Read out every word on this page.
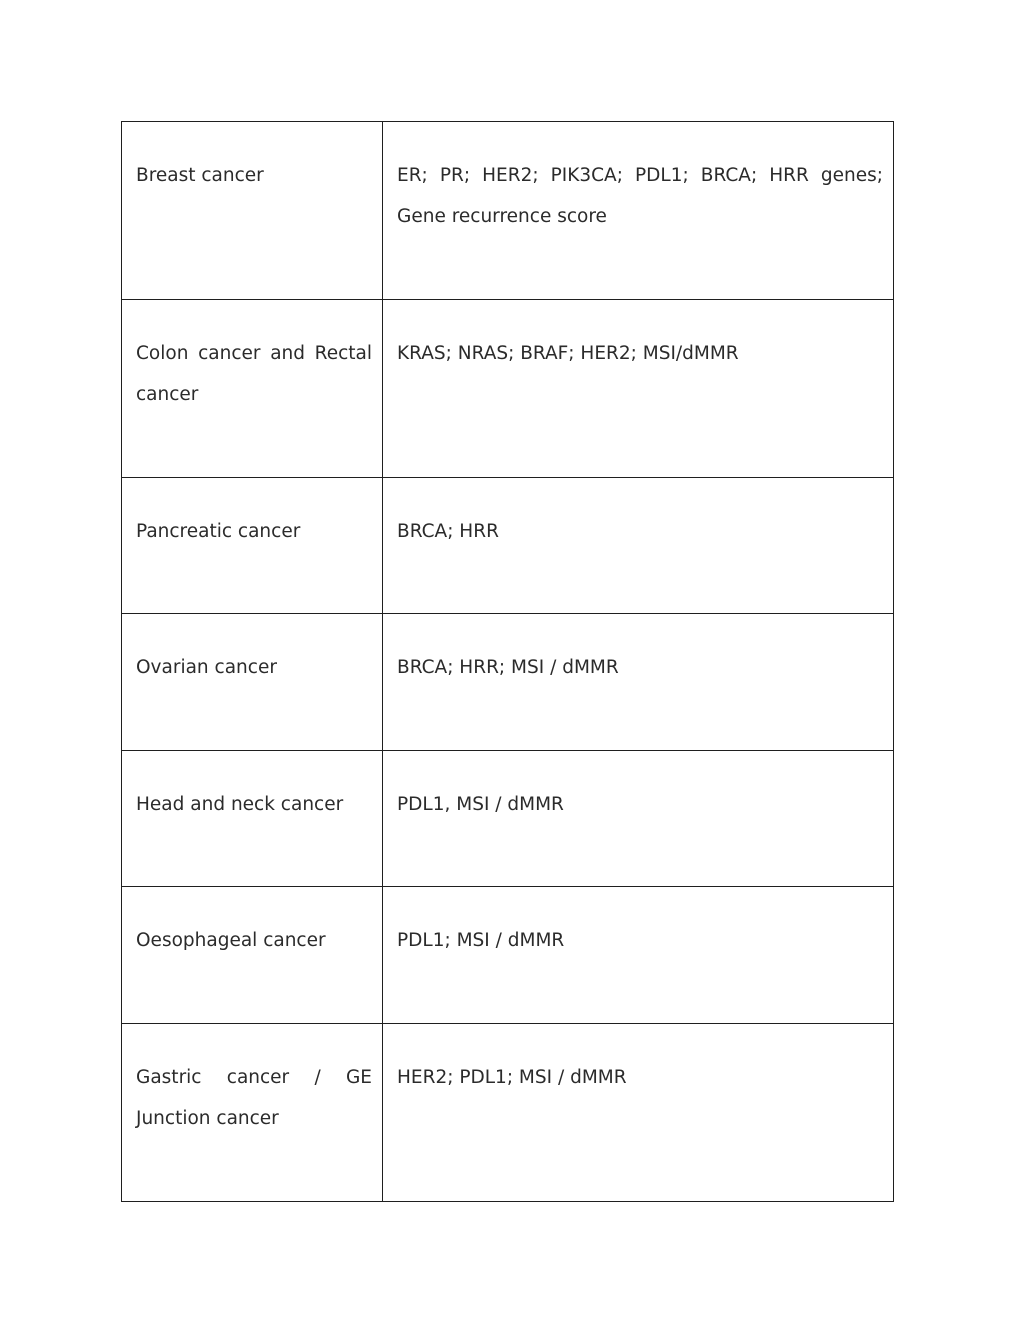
Breast cancer	ER; PR; HER2; PIK3CA; PDL1; BRCA; HRR genes; Gene recurrence score
Colon cancer and Rectal cancer	KRAS; NRAS; BRAF; HER2; MSI/dMMR
Pancreatic cancer	BRCA; HRR
Ovarian cancer	BRCA; HRR; MSI / dMMR
Head and neck cancer	PDL1, MSI / dMMR
Oesophageal cancer	PDL1; MSI / dMMR
Gastric cancer / GE Junction cancer	HER2; PDL1; MSI / dMMR
